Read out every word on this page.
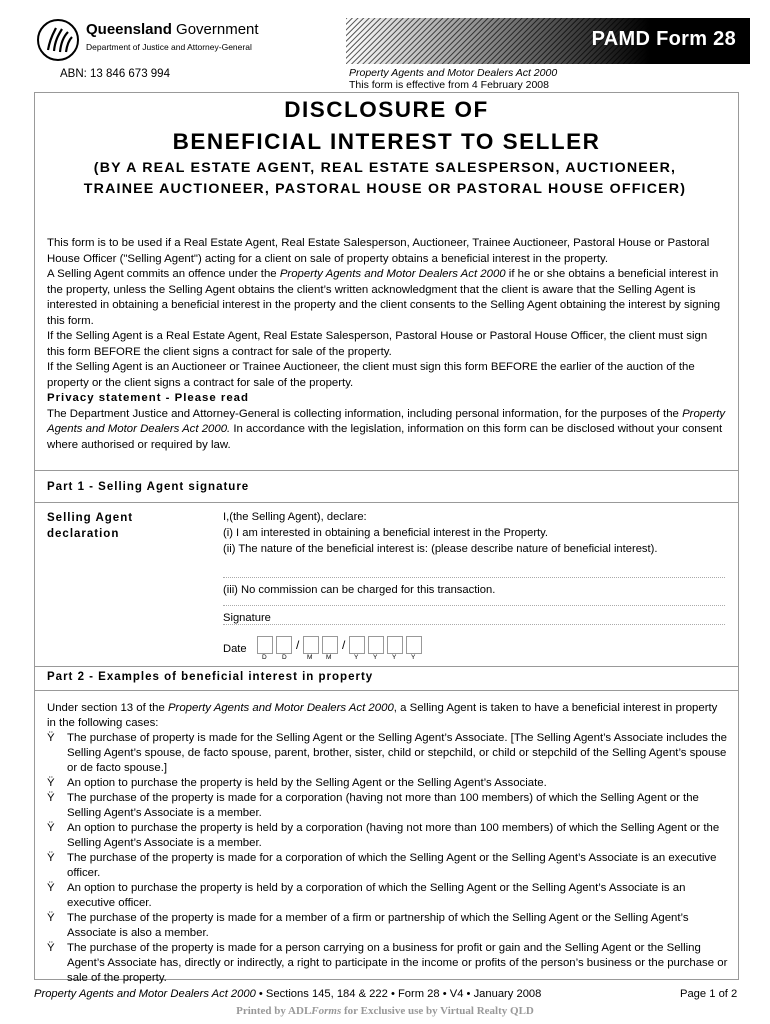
Queensland Government
Department of Justice and Attorney-General	PAMD Form 28
ABN: 13 846 673 994	Property Agents and Motor Dealers Act 2000
This form is effective from 4 February 2008
DISCLOSURE OF
BENEFICIAL INTEREST TO SELLER
(BY A REAL ESTATE AGENT, REAL ESTATE SALESPERSON, AUCTIONEER, TRAINEE AUCTIONEER, PASTORAL HOUSE OR PASTORAL HOUSE OFFICER)

This form is to be used if a Real Estate Agent, Real Estate Salesperson, Auctioneer, Trainee Auctioneer, Pastoral House or Pastoral House Officer ("Selling Agent") acting for a client on sale of property obtains a beneficial interest in the property.

A Selling Agent commits an offence under the Property Agents and Motor Dealers Act 2000 if he or she obtains a beneficial interest in the property, unless the Selling Agent obtains the client’s written acknowledgment that the client is aware that the Selling Agent is interested in obtaining a beneficial interest in the property and the client consents to the Selling Agent obtaining the interest by signing this form.

If the Selling Agent is a Real Estate Agent, Real Estate Salesperson, Pastoral House or Pastoral House Officer, the client must sign this form BEFORE the client signs a contract for sale of the property.

If the Selling Agent is an Auctioneer or Trainee Auctioneer, the client must sign this form BEFORE the earlier of the auction of the property or the client signs a contract for sale of the property.

Privacy statement - Please read

The Department Justice and Attorney-General is collecting information, including personal information, for the purposes of the Property Agents and Motor Dealers Act 2000. In accordance with the legislation, information on this form can be disclosed without your consent where authorised or required by law.

Part 1 - Selling Agent signature
Selling Agent
declaration
I,(the Selling Agent), declare:
(i) I am interested in obtaining a beneficial interest in the Property.
(ii) The nature of the beneficial interest is: (please describe nature of beneficial interest).
(iii) No commission can be charged for this transaction.
Signature
Date	/	/
D D	M M	Y Y Y Y
Part 2 - Examples of beneficial interest in property

Under section 13 of the Property Agents and Motor Dealers Act 2000, a Selling Agent is taken to have a beneficial interest in property in the following cases:

Ÿ The purchase of property is made for the Selling Agent or the Selling Agent’s Associate. [The Selling Agent’s Associate includes the Selling Agent’s spouse, de facto spouse, parent, brother, sister, child or stepchild, or child or stepchild of the Selling Agent’s spouse or de facto spouse.]

Ÿ An option to purchase the property is held by the Selling Agent or the Selling Agent’s Associate.

Ÿ The purchase of the property is made for a corporation (having not more than 100 members) of which the Selling Agent or the Selling Agent’s Associate is a member.

Ÿ An option to purchase the property is held by a corporation (having not more than 100 members) of which the Selling Agent or the Selling Agent’s Associate is a member.

Ÿ The purchase of the property is made for a corporation of which the Selling Agent or the Selling Agent’s Associate is an executive officer.

Ÿ An option to purchase the property is held by a corporation of which the Selling Agent or the Selling Agent’s Associate is an executive officer.

Ÿ The purchase of the property is made for a member of a firm or partnership of which the Selling Agent or the Selling Agent’s Associate is also a member.

Ÿ The purchase of the property is made for a person carrying on a business for profit or gain and the Selling Agent or the Selling Agent’s Associate has, directly or indirectly, a right to participate in the income or profits of the person’s business or the purchase or sale of the property.

Property Agents and Motor Dealers Act 2000 • Sections 145, 184 & 222 • Form 28 • V4 • January 2008	Page 1 of 2
Printed by ADLForms for Exclusive use by Virtual Realty QLD
